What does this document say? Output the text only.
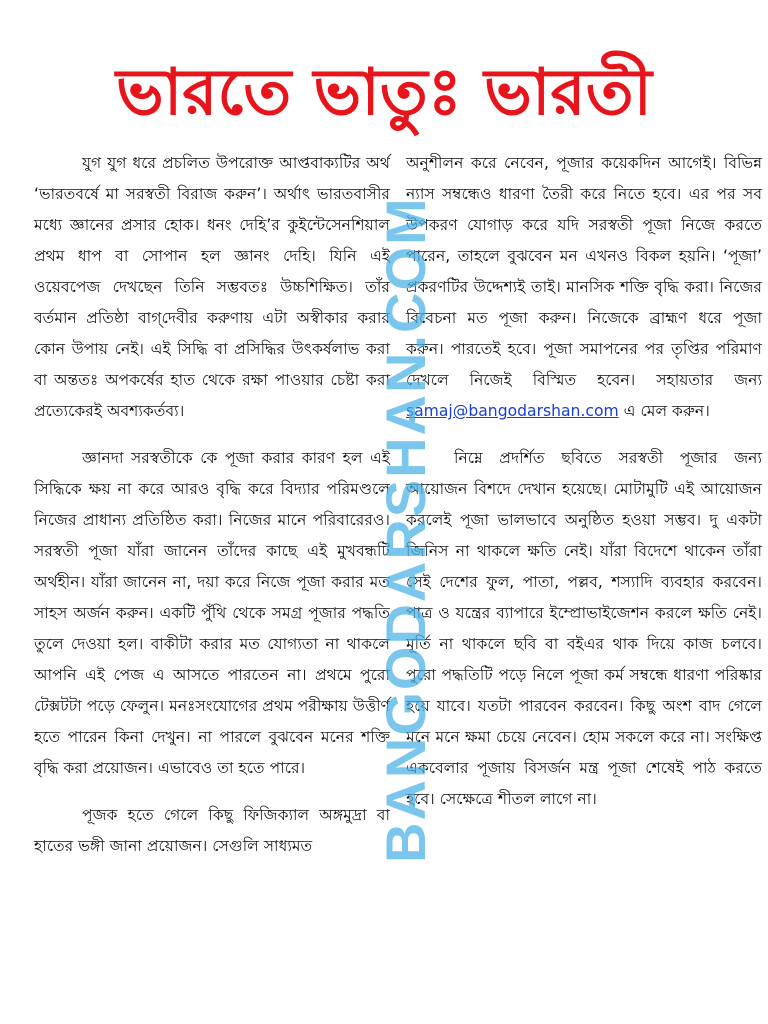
ভারতে ভাতুঃ ভারতী

যুগ যুগ ধরে প্রচলিত উপরোক্ত আপ্তবাক্যটির অর্থ ‘ভারতবর্ষে মা সরস্বতী বিরাজ করুন’। অর্থাৎ ভারতবাসীর মধ্যে জ্ঞানের প্রসার হোক। ধনং দেহি’র কুইন্টেসেনশিয়াল প্রথম ধাপ বা সোপান হল জ্ঞানং দেহি। যিনি এই ওয়েবপেজ দেখছেন তিনি সম্ভবতঃ উচ্চশিক্ষিত। তাঁর বর্তমান প্রতিষ্ঠা বাগ্‌দেবীর করুণায় এটা অস্বীকার করার কোন উপায় নেই। এই সিদ্ধি বা প্রসিদ্ধির উৎকর্ষলাভ করা বা অন্ততঃ অপকর্ষের হাত থেকে রক্ষা পাওয়ার চেষ্টা করা প্রত্যেকেরই অবশ্যকর্তব্য।

জ্ঞানদা সরস্বতীকে কে পূজা করার কারণ হল এই সিদ্ধিকে ক্ষয় না করে আরও বৃদ্ধি করে বিদ্যার পরিমণ্ডলে নিজের প্রাধান্য প্রতিষ্ঠিত করা। নিজের মানে পরিবারেরও। সরস্বতী পূজা যাঁরা জানেন তাঁদের কাছে এই মুখবন্ধটি অর্থহীন। যাঁরা জানেন না, দয়া করে নিজে পূজা করার মত সাহস অর্জন করুন। একটি পুঁথি থেকে সমগ্র পূজার পদ্ধতি তুলে দেওয়া হল। বাকীটা করার মত যোগ্যতা না থাকলে আপনি এই পেজ এ আসতে পারতেন না। প্রথমে পুরো টেক্সটটা পড়ে ফেলুন। মনঃসংযোগের প্রথম পরীক্ষায় উত্তীর্ণ হতে পারেন কিনা দেখুন। না পারলে বুঝবেন মনের শক্তি বৃদ্ধি করা প্রয়োজন। এভাবেও তা হতে পারে।

পূজক হতে গেলে কিছু ফিজিক্যাল অঙ্গমুদ্রা বা হাতের ভঙ্গী জানা প্রয়োজন। সেগুলি সাধ্যমত

অনুশীলন করে নেবেন, পূজার কয়েকদিন আগেই। বিভিন্ন ন্যাস সম্বন্ধেও ধারণা তৈরী করে নিতে হবে। এর পর সব উপকরণ যোগাড় করে যদি সরস্বতী পূজা নিজে করতে পারেন, তাহলে বুঝবেন মন এখনও বিকল হয়নি। ‘পূজা’ প্রকরণটির উদ্দেশ্যই তাই। মানসিক শক্তি বৃদ্ধি করা। নিজের বিবেচনা মত পূজা করুন। নিজেকে ব্রাহ্মণ ধরে পূজা করুন। পারতেই হবে। পূজা সমাপনের পর তৃপ্তির পরিমাণ দেখলে নিজেই বিস্মিত হবেন। সহায়তার জন্য samaj@bangodarshan.com এ মেল করুন।

নিম্নে প্রদর্শিত ছবিতে সরস্বতী পূজার জন্য আয়োজন বিশদে দেখান হয়েছে। মোটামুটি এই আয়োজন করলেই পূজা ভালভাবে অনুষ্ঠিত হওয়া সম্ভব। দু একটা জিনিস না থাকলে ক্ষতি নেই। যাঁরা বিদেশে থাকেন তাঁরা সেই দেশের ফুল, পাতা, পল্লব, শস্যাদি ব্যবহার করবেন। পাত্র ও যন্ত্রের ব্যাপারে ইম্প্রোভাইজেশন করলে ক্ষতি নেই। মূর্তি না থাকলে ছবি বা বইএর থাক দিয়ে কাজ চলবে। পুরো পদ্ধতিটি পড়ে নিলে পূজা কর্ম সম্বন্ধে ধারণা পরিষ্কার হয়ে যাবে। যতটা পারবেন করবেন। কিছু অংশ বাদ গেলে মনে মনে ক্ষমা চেয়ে নেবেন। হোম সকলে করে না। সংক্ষিপ্ত একবেলার পূজায় বিসর্জন মন্ত্র পূজা শেষেই পাঠ করতে হবে। সেক্ষেত্রে শীতল লাগে না।

BANGODARSHAN.COM
